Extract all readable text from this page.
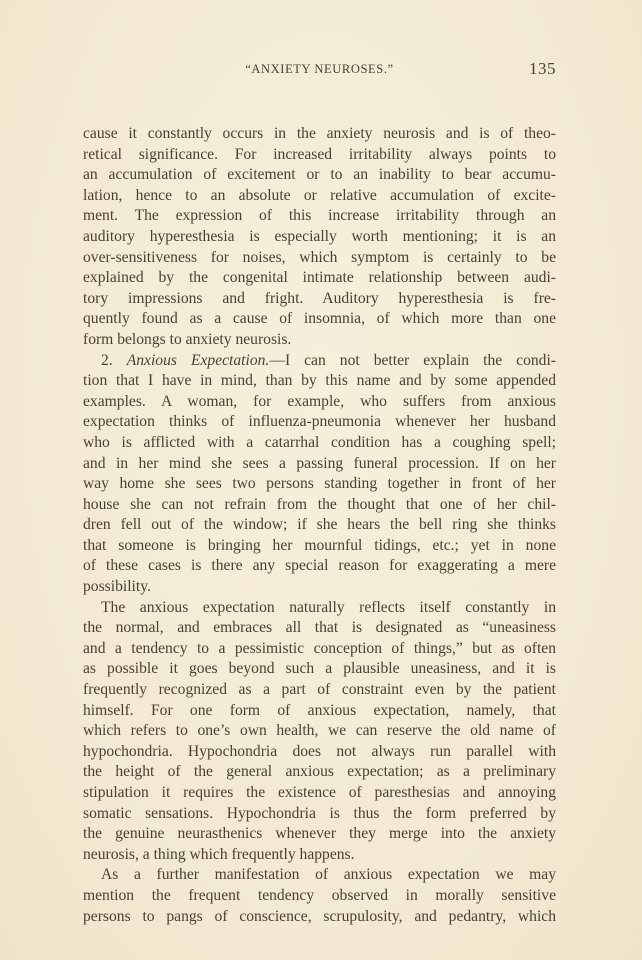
“ANXIETY NEUROSES.”	135
cause it constantly occurs in the anxiety neurosis and is of theo-
retical significance. For increased irritability always points to
an accumulation of excitement or to an inability to bear accumu-
lation, hence to an absolute or relative accumulation of excite-
ment. The expression of this increase irritability through an
auditory hyperesthesia is especially worth mentioning; it is an
over-sensitiveness for noises, which symptom is certainly to be
explained by the congenital intimate relationship between audi-
tory impressions and fright. Auditory hyperesthesia is fre-
quently found as a cause of insomnia, of which more than one
form belongs to anxiety neurosis.
2. Anxious Expectation.—I can not better explain the condi-
tion that I have in mind, than by this name and by some appended
examples. A woman, for example, who suffers from anxious
expectation thinks of influenza-pneumonia whenever her husband
who is afflicted with a catarrhal condition has a coughing spell;
and in her mind she sees a passing funeral procession. If on her
way home she sees two persons standing together in front of her
house she can not refrain from the thought that one of her chil-
dren fell out of the window; if she hears the bell ring she thinks
that someone is bringing her mournful tidings, etc.; yet in none
of these cases is there any special reason for exaggerating a mere
possibility.
The anxious expectation naturally reflects itself constantly in
the normal, and embraces all that is designated as “uneasiness
and a tendency to a pessimistic conception of things,” but as often
as possible it goes beyond such a plausible uneasiness, and it is
frequently recognized as a part of constraint even by the patient
himself. For one form of anxious expectation, namely, that
which refers to one’s own health, we can reserve the old name of
hypochondria. Hypochondria does not always run parallel with
the height of the general anxious expectation; as a preliminary
stipulation it requires the existence of paresthesias and annoying
somatic sensations. Hypochondria is thus the form preferred by
the genuine neurasthenics whenever they merge into the anxiety
neurosis, a thing which frequently happens.
As a further manifestation of anxious expectation we may
mention the frequent tendency observed in morally sensitive
persons to pangs of conscience, scrupulosity, and pedantry, which
